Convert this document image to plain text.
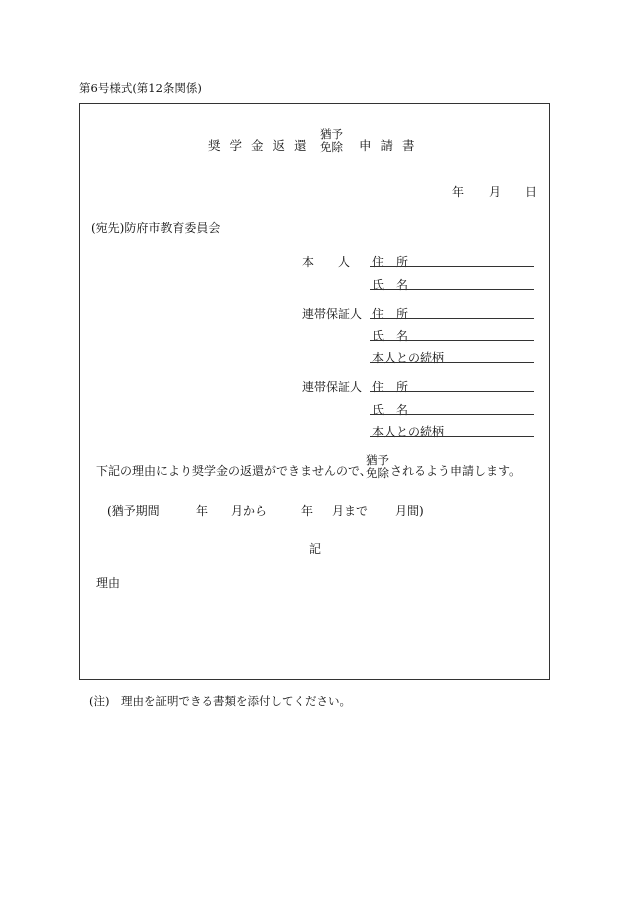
第6号様式(第12条関係)
奨学金返還
猶予
免除 申請書
年 月 日
(宛先)防府市教育委員会
本　　人 住　所
氏　名
連帯保証人 住　所
氏　名
本人との続柄
連帯保証人 住　所
氏　名
本人との続柄
下記の理由により奨学金の返還ができませんので、
猶予
免除 されるよう申請します。
(猶予期間	年 月から	年 月まで 月間)
記
理由
(注)　理由を証明できる書類を添付してください。
